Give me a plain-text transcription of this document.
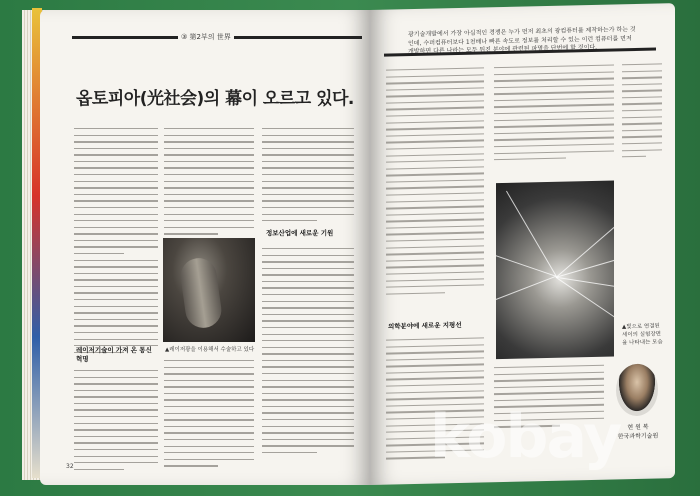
③ 第2부의 世界
옵토피아(光社会)의 幕이 오르고 있다.
레이저기술이 가져 온 통신혁명
▲레이저광을 이용해서 수술하고 있다
정보산업에 새로운 기원
32
광기술개발에서 가장 아심적인 경쟁은 누가 먼저 최초의 광컴퓨터를 제작하는가 하는 것인데, 수퍼컴퓨터보다 1천배나 빠른 속도로 정보를 처리할 수 있는 이런 컴퓨터를 먼저 개발하면 다른 나라는 모두 뒤진 분야에 관련된 파멸을 단번에 할 것이다.
의학분야에 새로운 지평선	▲빛으로 연결된 세이의 실험장면을 나타내는 모습
현 원 복
한국과학기술원
kobay
